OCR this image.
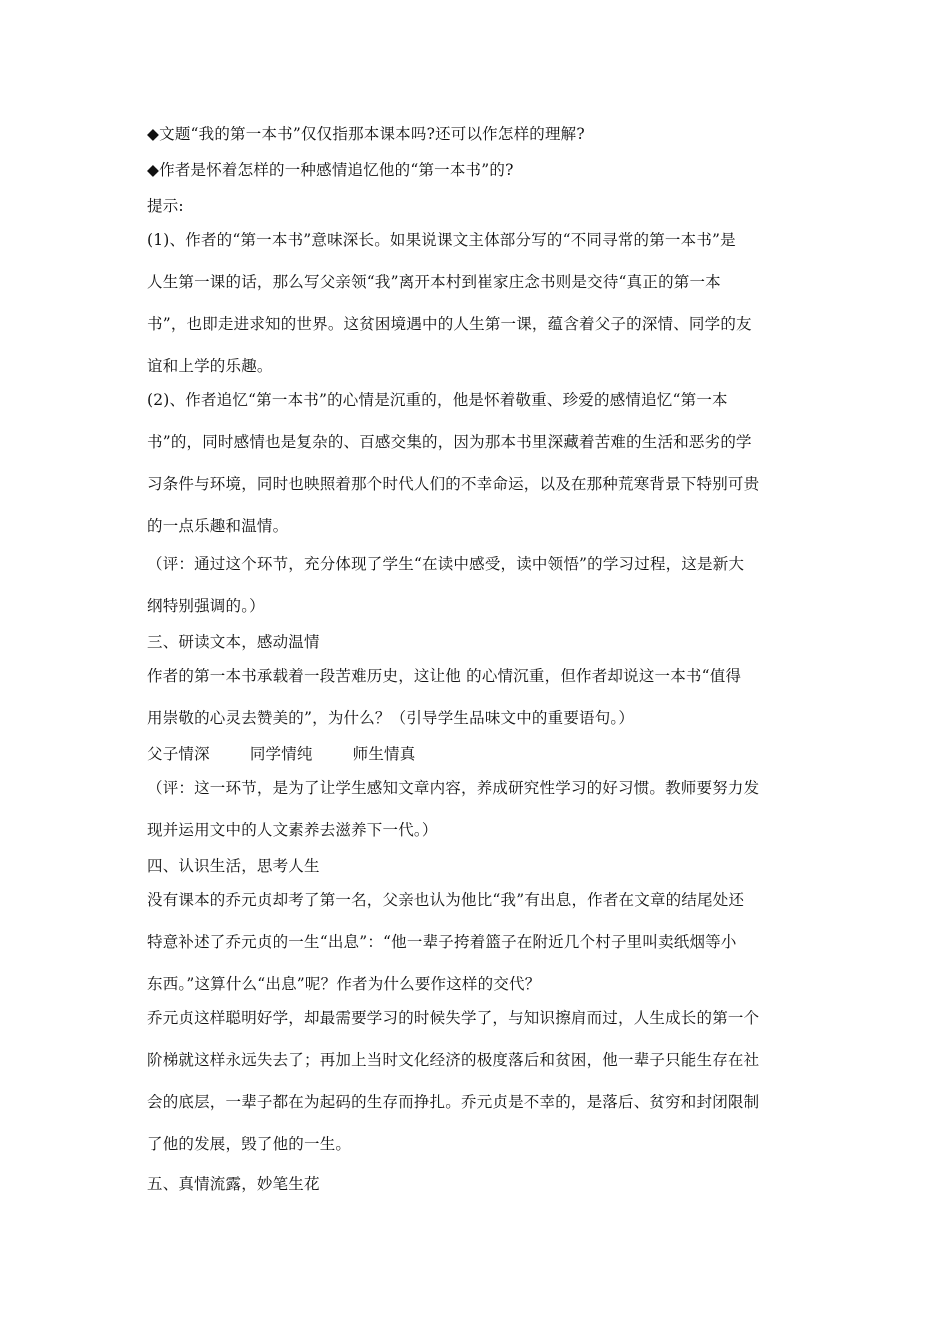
◆文题“我的第一本书”仅仅指那本课本吗?还可以作怎样的理解?
◆作者是怀着怎样的一种感情追忆他的“第一本书”的?
提示:
(1)、作者的“第一本书”意味深长。如果说课文主体部分写的“不同寻常的第一本书”是
人生第一课的话，那么写父亲领“我”离开本村到崔家庄念书则是交待“真正的第一本
书”，也即走进求知的世界。这贫困境遇中的人生第一课，蕴含着父子的深情、同学的友
谊和上学的乐趣。
(2)、作者追忆“第一本书”的心情是沉重的，他是怀着敬重、珍爱的感情追忆“第一本
书”的，同时感情也是复杂的、百感交集的，因为那本书里深藏着苦难的生活和恶劣的学
习条件与环境，同时也映照着那个时代人们的不幸命运，以及在那种荒寒背景下特别可贵
的一点乐趣和温情。
（评：通过这个环节，充分体现了学生“在读中感受，读中领悟”的学习过程，这是新大
纲特别强调的。）
三、研读文本，感动温情
作者的第一本书承载着一段苦难历史，这让他 的心情沉重，但作者却说这一本书“值得
用崇敬的心灵去赞美的”，为什么？（引导学生品味文中的重要语句。）
父子情深	同学情纯	师生情真
（评：这一环节，是为了让学生感知文章内容，养成研究性学习的好习惯。教师要努力发
现并运用文中的人文素养去滋养下一代。）
四、认识生活，思考人生
没有课本的乔元贞却考了第一名，父亲也认为他比“我”有出息，作者在文章的结尾处还
特意补述了乔元贞的一生“出息”：“他一辈子挎着篮子在附近几个村子里叫卖纸烟等小
东西。”这算什么“出息”呢？作者为什么要作这样的交代？
乔元贞这样聪明好学，却最需要学习的时候失学了，与知识擦肩而过，人生成长的第一个
阶梯就这样永远失去了；再加上当时文化经济的极度落后和贫困，他一辈子只能生存在社
会的底层，一辈子都在为起码的生存而挣扎。乔元贞是不幸的，是落后、贫穷和封闭限制
了他的发展，毁了他的一生。
五、真情流露，妙笔生花
